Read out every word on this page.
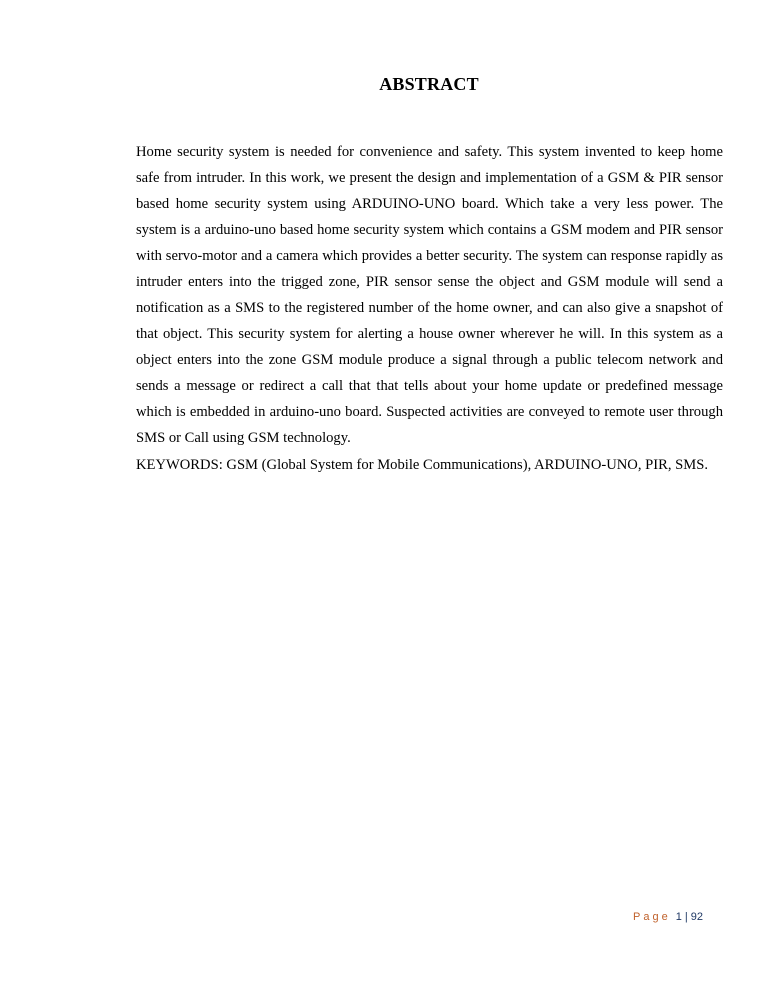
ABSTRACT

Home security system is needed for convenience and safety. This system invented to keep home safe from intruder. In this work, we present the design and implementation of a GSM & PIR sensor based home security system using ARDUINO-UNO board. Which take a very less power. The system is a arduino-uno based home security system which contains a GSM modem and PIR sensor with servo-motor and a camera which provides a better security. The system can response rapidly as intruder enters into the trigged zone, PIR sensor sense the object and GSM module will send a notification as a SMS to the registered number of the home owner, and can also give a snapshot of that object. This security system for alerting a house owner wherever he will. In this system as a object enters into the zone GSM module produce a signal through a public telecom network and sends a message or redirect a call that that tells about your home update or predefined message which is embedded in arduino-uno board. Suspected activities are conveyed to remote user through SMS or Call using GSM technology.

KEYWORDS: GSM (Global System for Mobile Communications), ARDUINO-UNO, PIR, SMS.

Page 1 | 92
